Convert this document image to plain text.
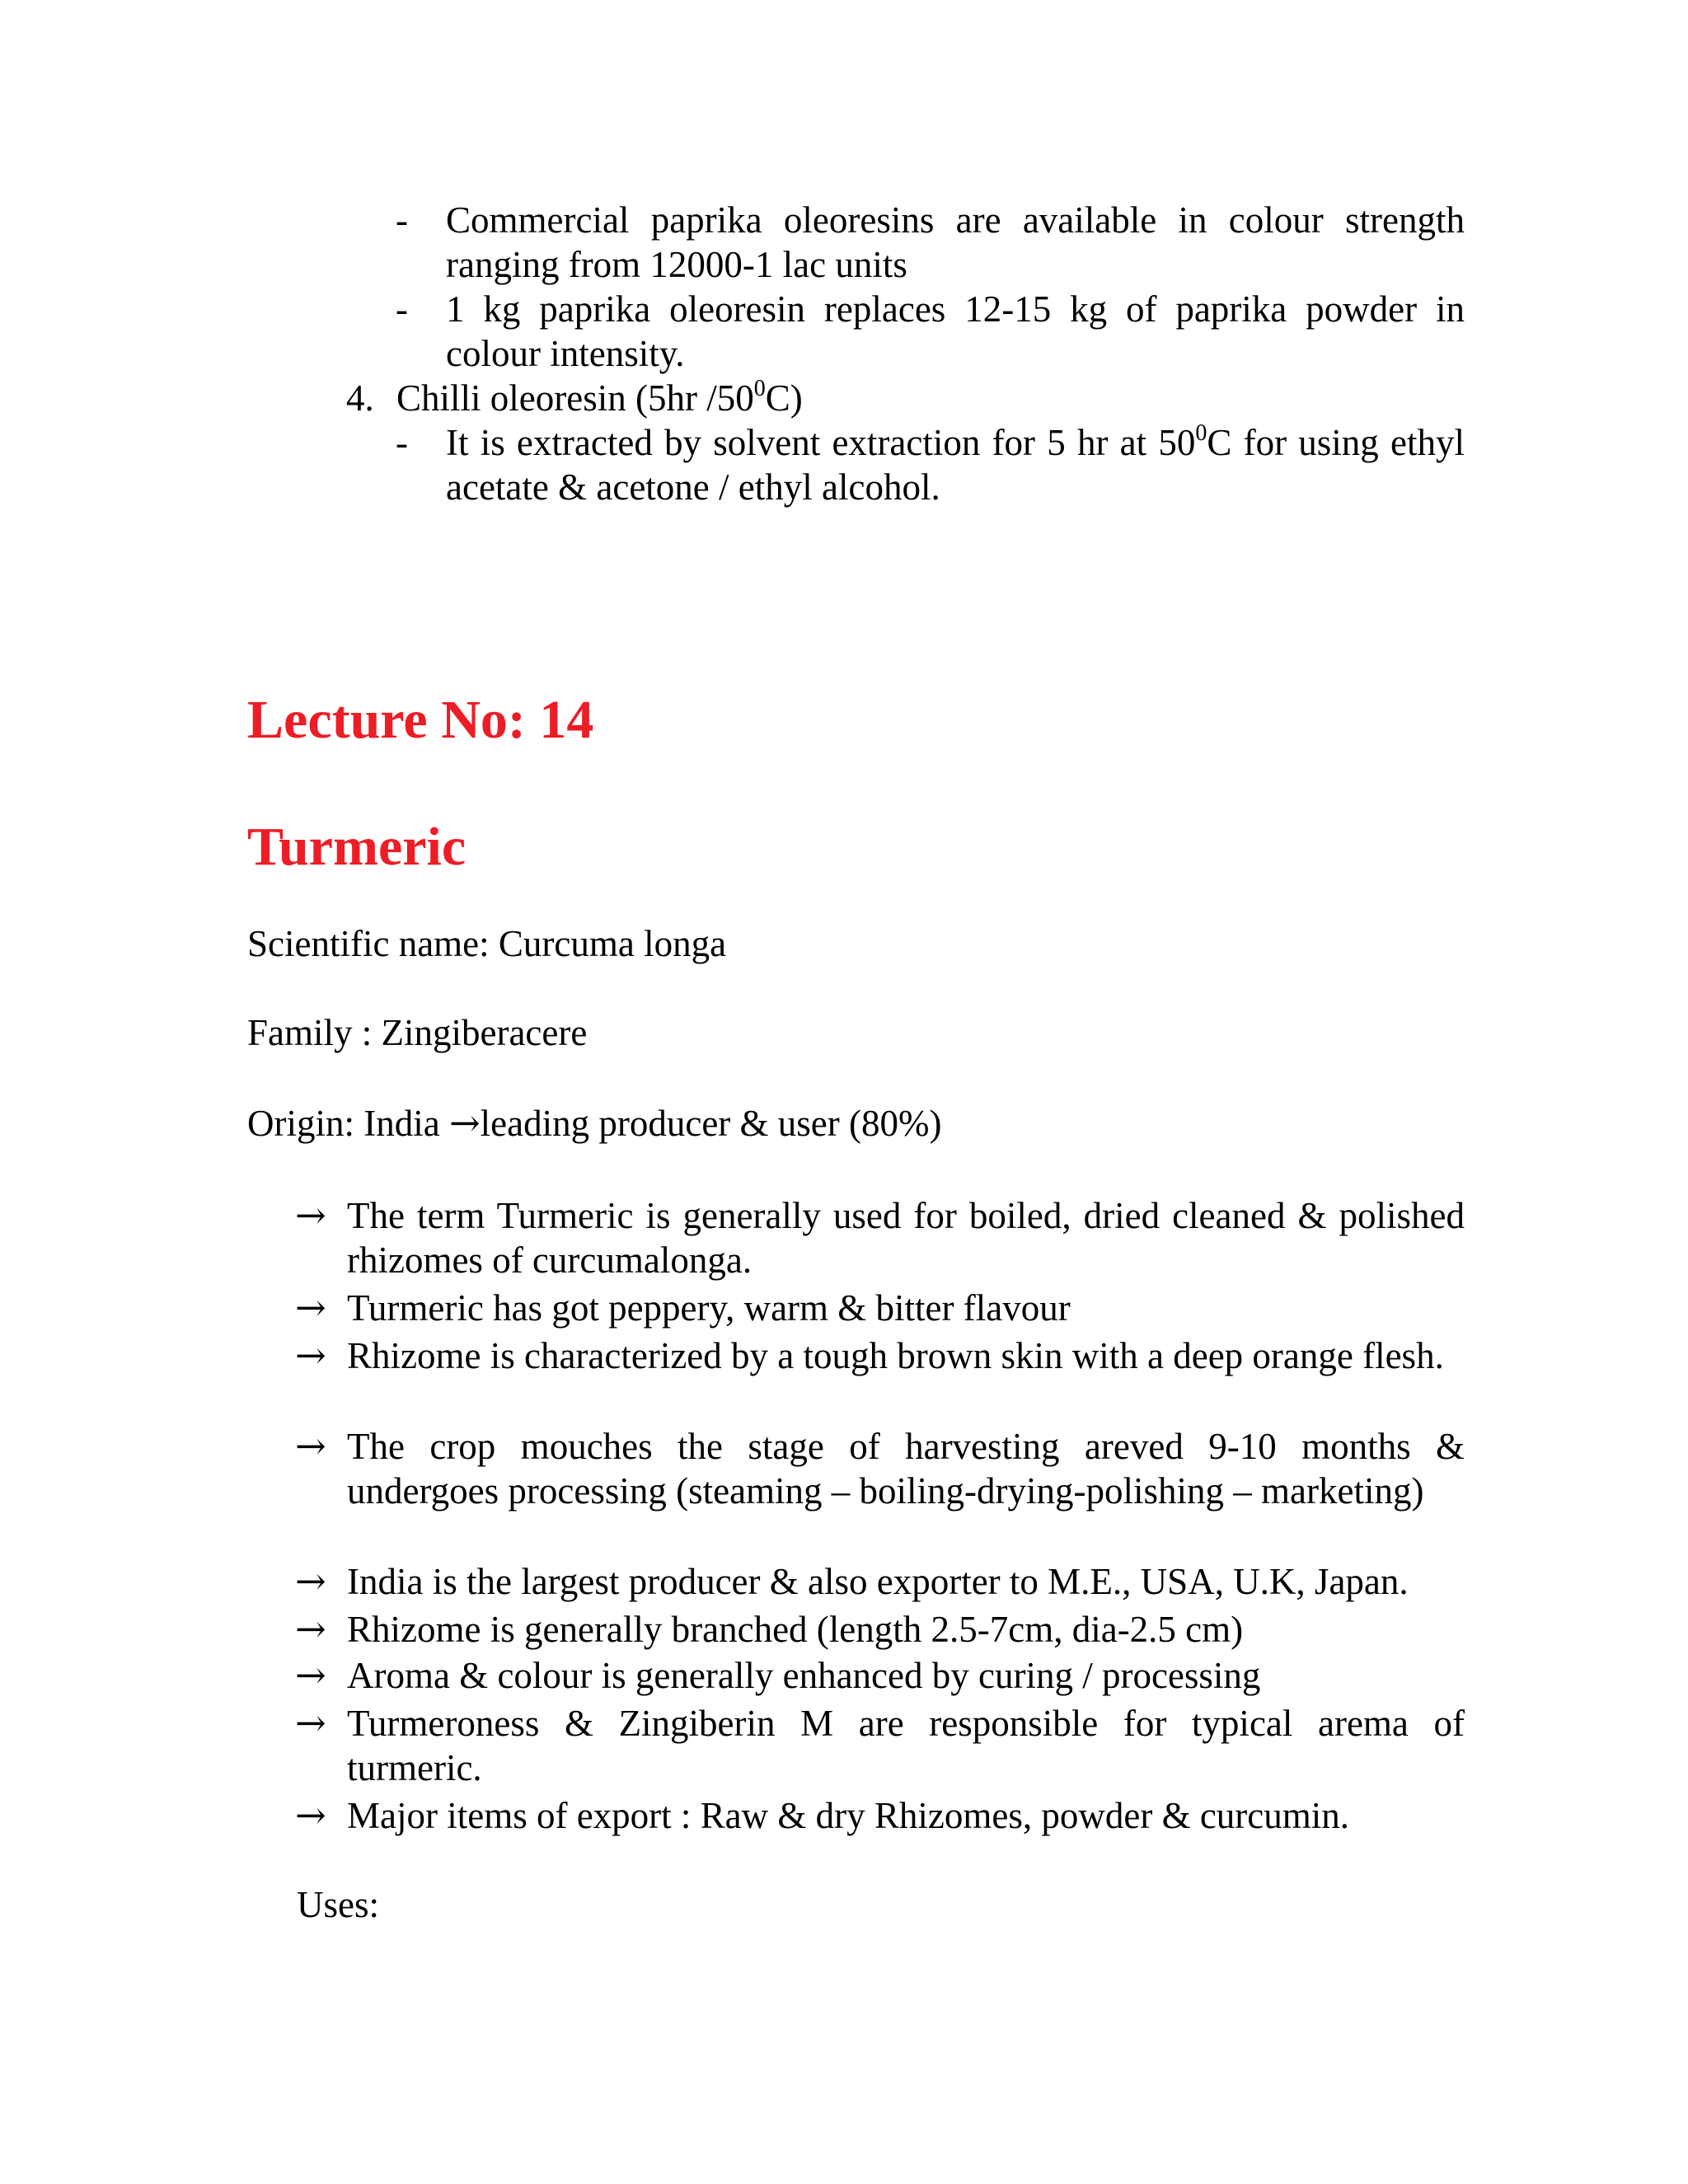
- Commercial paprika oleoresins are available in colour strength ranging from 12000-1 lac units
- 1 kg paprika oleoresin replaces 12-15 kg of paprika powder in colour intensity.
4. Chilli oleoresin (5hr $/50^0C$)
- It is extracted by solvent extraction for 5 hr at $50^0C$ for using ethyl acetate & acetone / ethyl alcohol.
Lecture No: 14
Turmeric
Scientific name: Curcuma longa
Family : Zingiberacere
Origin: India →leading producer & user (80%)
→ The term Turmeric is generally used for boiled, dried cleaned & polished rhizomes of curcumalonga.
→ Turmeric has got peppery, warm & bitter flavour
→ Rhizome is characterized by a tough brown skin with a deep orange flesh.
→ The crop mouches the stage of harvesting areved 9-10 months & undergoes processing (steaming – boiling-drying-polishing – marketing)
→ India is the largest producer & also exporter to M.E., USA, U.K, Japan.
→ Rhizome is generally branched (length 2.5-7cm, dia-2.5 cm)
→ Aroma & colour is generally enhanced by curing / processing
→ Turmeroness & Zingiberin M are responsible for typical arema of turmeric.
→ Major items of export : Raw & dry Rhizomes, powder & curcumin.
Uses:
